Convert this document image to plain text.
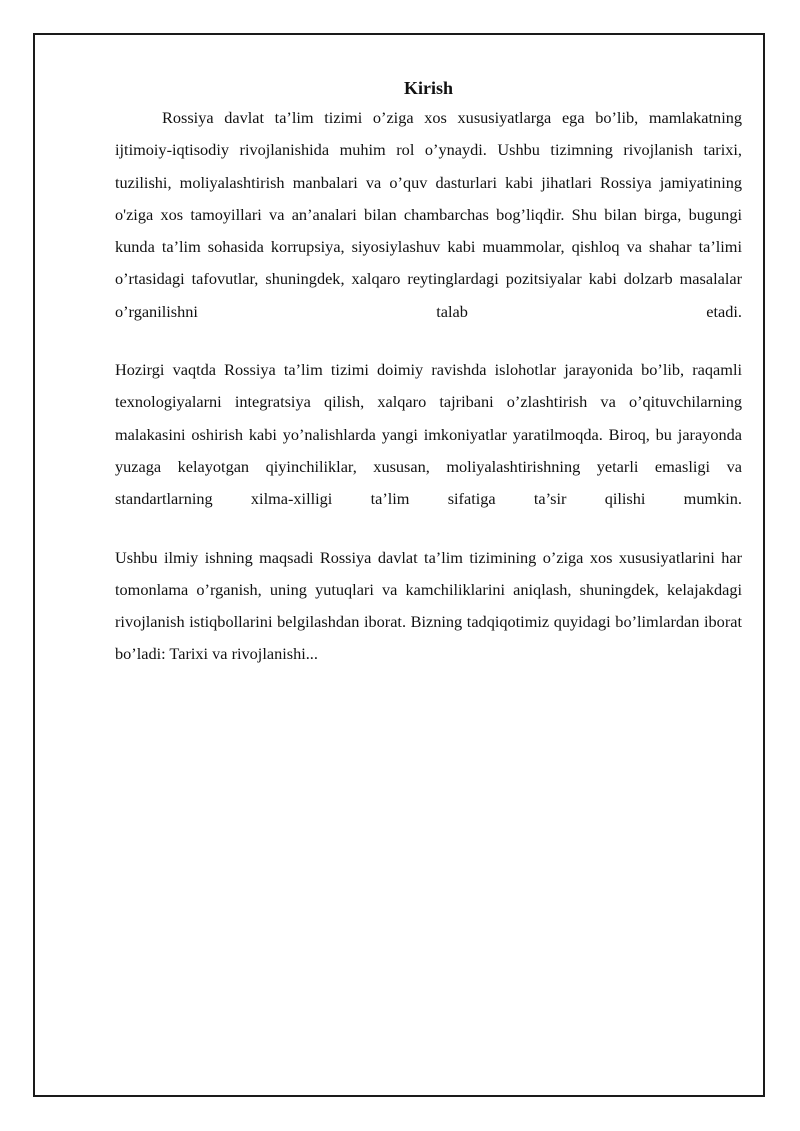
Kirish

Rossiya davlat ta’lim tizimi o’ziga xos xususiyatlarga ega bo’lib, mamlakatning ijtimoiy-iqtisodiy rivojlanishida muhim rol o’ynaydi. Ushbu tizimning rivojlanish tarixi, tuzilishi, moliyalashtirish manbalari va o’quv dasturlari kabi jihatlari Rossiya jamiyatining o'ziga xos tamoyillari va an’analari bilan chambarchas bog’liqdir. Shu bilan birga, bugungi kunda ta’lim sohasida korrupsiya, siyosiylashuv kabi muammolar, qishloq va shahar ta’limi o’rtasidagi tafovutlar, shuningdek, xalqaro reytinglardagi pozitsiyalar kabi dolzarb masalalar o’rganilishni talab etadi.

Hozirgi vaqtda Rossiya ta’lim tizimi doimiy ravishda islohotlar jarayonida bo’lib, raqamli texnologiyalarni integratsiya qilish, xalqaro tajribani o’zlashtirish va o’qituvchilarning malakasini oshirish kabi yo’nalishlarda yangi imkoniyatlar yaratilmoqda. Biroq, bu jarayonda yuzaga kelayotgan qiyinchiliklar, xususan, moliyalashtirishning yetarli emasligi va standartlarning xilma-xilligi ta’lim sifatiga ta’sir qilishi mumkin.

Ushbu ilmiy ishning maqsadi Rossiya davlat ta’lim tizimining o’ziga xos xususiyatlarini har tomonlama o’rganish, uning yutuqlari va kamchiliklarini aniqlash, shuningdek, kelajakdagi rivojlanish istiqbollarini belgilashdan iborat. Bizning tadqiqotimiz quyidagi bo’limlardan iborat bo’ladi: Tarixi va rivojlanishi...
